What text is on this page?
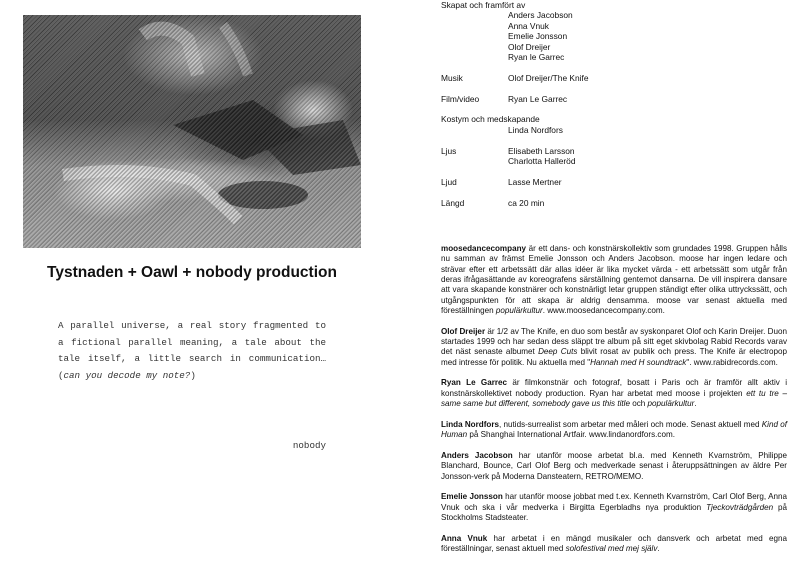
Tystnaden + Oawl + nobody production
A parallel universe, a real story fragmented to a fictional parallel meaning, a tale about the tale itself, a little search in communication… (can you decode my note?)
nobody
Skapat och framfört av
Anders Jacobson
Anna Vnuk
Emelie Jonsson
Olof Dreijer
Ryan le Garrec
Musik	Olof Dreijer/The Knife
Film/video	Ryan Le Garrec
Kostym och medskapande
Linda Nordfors
Ljus	Elisabeth Larsson
Charlotta Halleröd
Ljud	Lasse Mertner
Längd	ca 20 min

moosedancecompany är ett dans- och konstnärskollektiv som grundades 1998. Gruppen hålls nu samman av främst Emelie Jonsson och Anders Jacobson. moose har ingen ledare och strävar efter ett arbetssätt där allas idéer är lika mycket värda - ett arbetssätt som utgår från deras ifrågasättande av koreografens särställning gentemot dansarna. De vill inspirera dansare att vara skapande konstnärer och konstnärligt letar gruppen ständigt efter olika uttryckssätt, och utgångspunkten för att skapa är aldrig densamma. moose var senast aktuella med föreställningen populärkultur. www.moosedancecompany.com.

Olof Dreijer är 1/2 av The Knife, en duo som består av syskonparet Olof och Karin Dreijer. Duon startades 1999 och har sedan dess släppt tre album på sitt eget skivbolag Rabid Records varav det näst senaste albumet Deep Cuts blivit rosat av publik och press. The Knife är electropop med intresse för politik. Nu aktuella med "Hannah med H soundtrack". www.rabidrecords.com.

Ryan Le Garrec är filmkonstnär och fotograf, bosatt i Paris och är framför allt aktiv i konstnärskollektivet nobody production. Ryan har arbetat med moose i projekten ett tu tre – same same but different, somebody gave us this title och populärkultur.

Linda Nordfors, nutids-surrealist som arbetar med måleri och mode. Senast aktuell med Kind of Human på Shanghai International Artfair. www.lindanordfors.com.

Anders Jacobson har utanför moose arbetat bl.a. med Kenneth Kvarnström, Philippe Blanchard, Bounce, Carl Olof Berg och medverkade senast i återuppsättningen av äldre Per Jonsson-verk på Moderna Dansteatern, RETRO/MEMO.

Emelie Jonsson har utanför moose jobbat med t.ex. Kenneth Kvarnström, Carl Olof Berg, Anna Vnuk och ska i vår medverka i Birgitta Egerbladhs nya produktion Tjeckovträdgården på Stockholms Stadsteater.

Anna Vnuk har arbetat i en mängd musikaler och dansverk och arbetat med egna föreställningar, senast aktuell med solofestival med mej själv.
